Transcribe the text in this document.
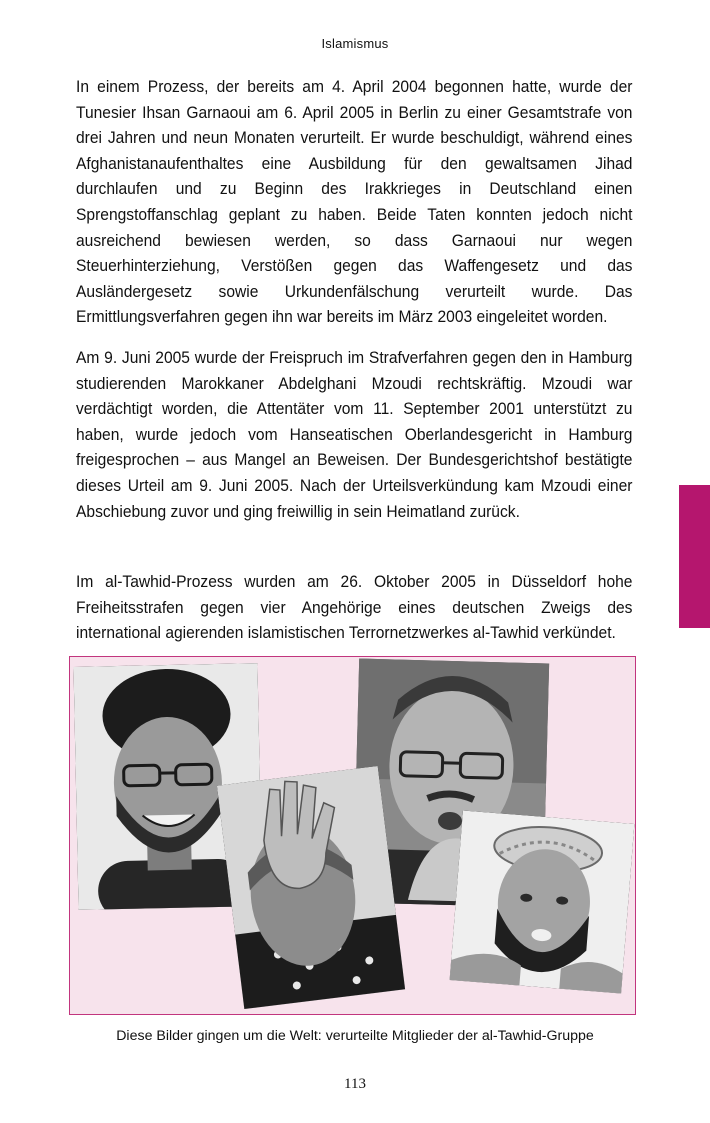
Islamismus

In einem Prozess, der bereits am 4. April 2004 begonnen hatte, wurde der Tunesier Ihsan Garnaoui am 6. April 2005 in Berlin zu einer Gesamtstrafe von drei Jahren und neun Monaten verurteilt. Er wurde beschuldigt, während eines Afghanistanaufenthaltes eine Ausbildung für den gewaltsamen Jihad durchlaufen und zu Beginn des Irakkrieges in Deutschland einen Sprengstoffanschlag geplant zu haben. Beide Taten konnten jedoch nicht ausreichend bewiesen werden, so dass Garnaoui nur wegen Steuerhinterziehung, Verstößen gegen das Waffengesetz und das Ausländergesetz sowie Urkundenfälschung verurteilt wurde. Das Ermittlungsverfahren gegen ihn war bereits im März 2003 eingeleitet worden.

Am 9. Juni 2005 wurde der Freispruch im Strafverfahren gegen den in Hamburg studierenden Marokkaner Abdelghani Mzoudi rechtskräftig. Mzoudi war verdächtigt worden, die Attentäter vom 11. September 2001 unterstützt zu haben, wurde jedoch vom Hanseatischen Oberlandesgericht in Hamburg freigesprochen – aus Mangel an Beweisen. Der Bundesgerichtshof bestätigte dieses Urteil am 9. Juni 2005. Nach der Urteilsverkündung kam Mzoudi einer Abschiebung zuvor und ging freiwillig in sein Heimatland zurück.

Im al-Tawhid-Prozess wurden am 26. Oktober 2005 in Düsseldorf hohe Freiheitsstrafen gegen vier Angehörige eines deutschen Zweigs des international agierenden islamistischen Terrornetzwerkes al-Tawhid verkündet.

Diese Bilder gingen um die Welt: verurteilte Mitglieder der al-Tawhid-Gruppe
113
